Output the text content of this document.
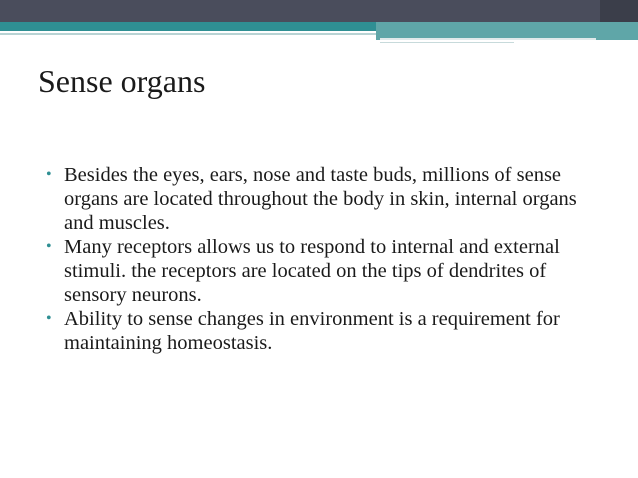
Sense organs
• Besides the eyes, ears, nose and taste buds, millions of sense organs are located throughout the body in skin, internal organs and muscles.
• Many receptors allows us to respond to internal and external stimuli. the receptors are located on the tips of dendrites of sensory neurons.
• Ability to sense changes in environment is a requirement for maintaining homeostasis.
